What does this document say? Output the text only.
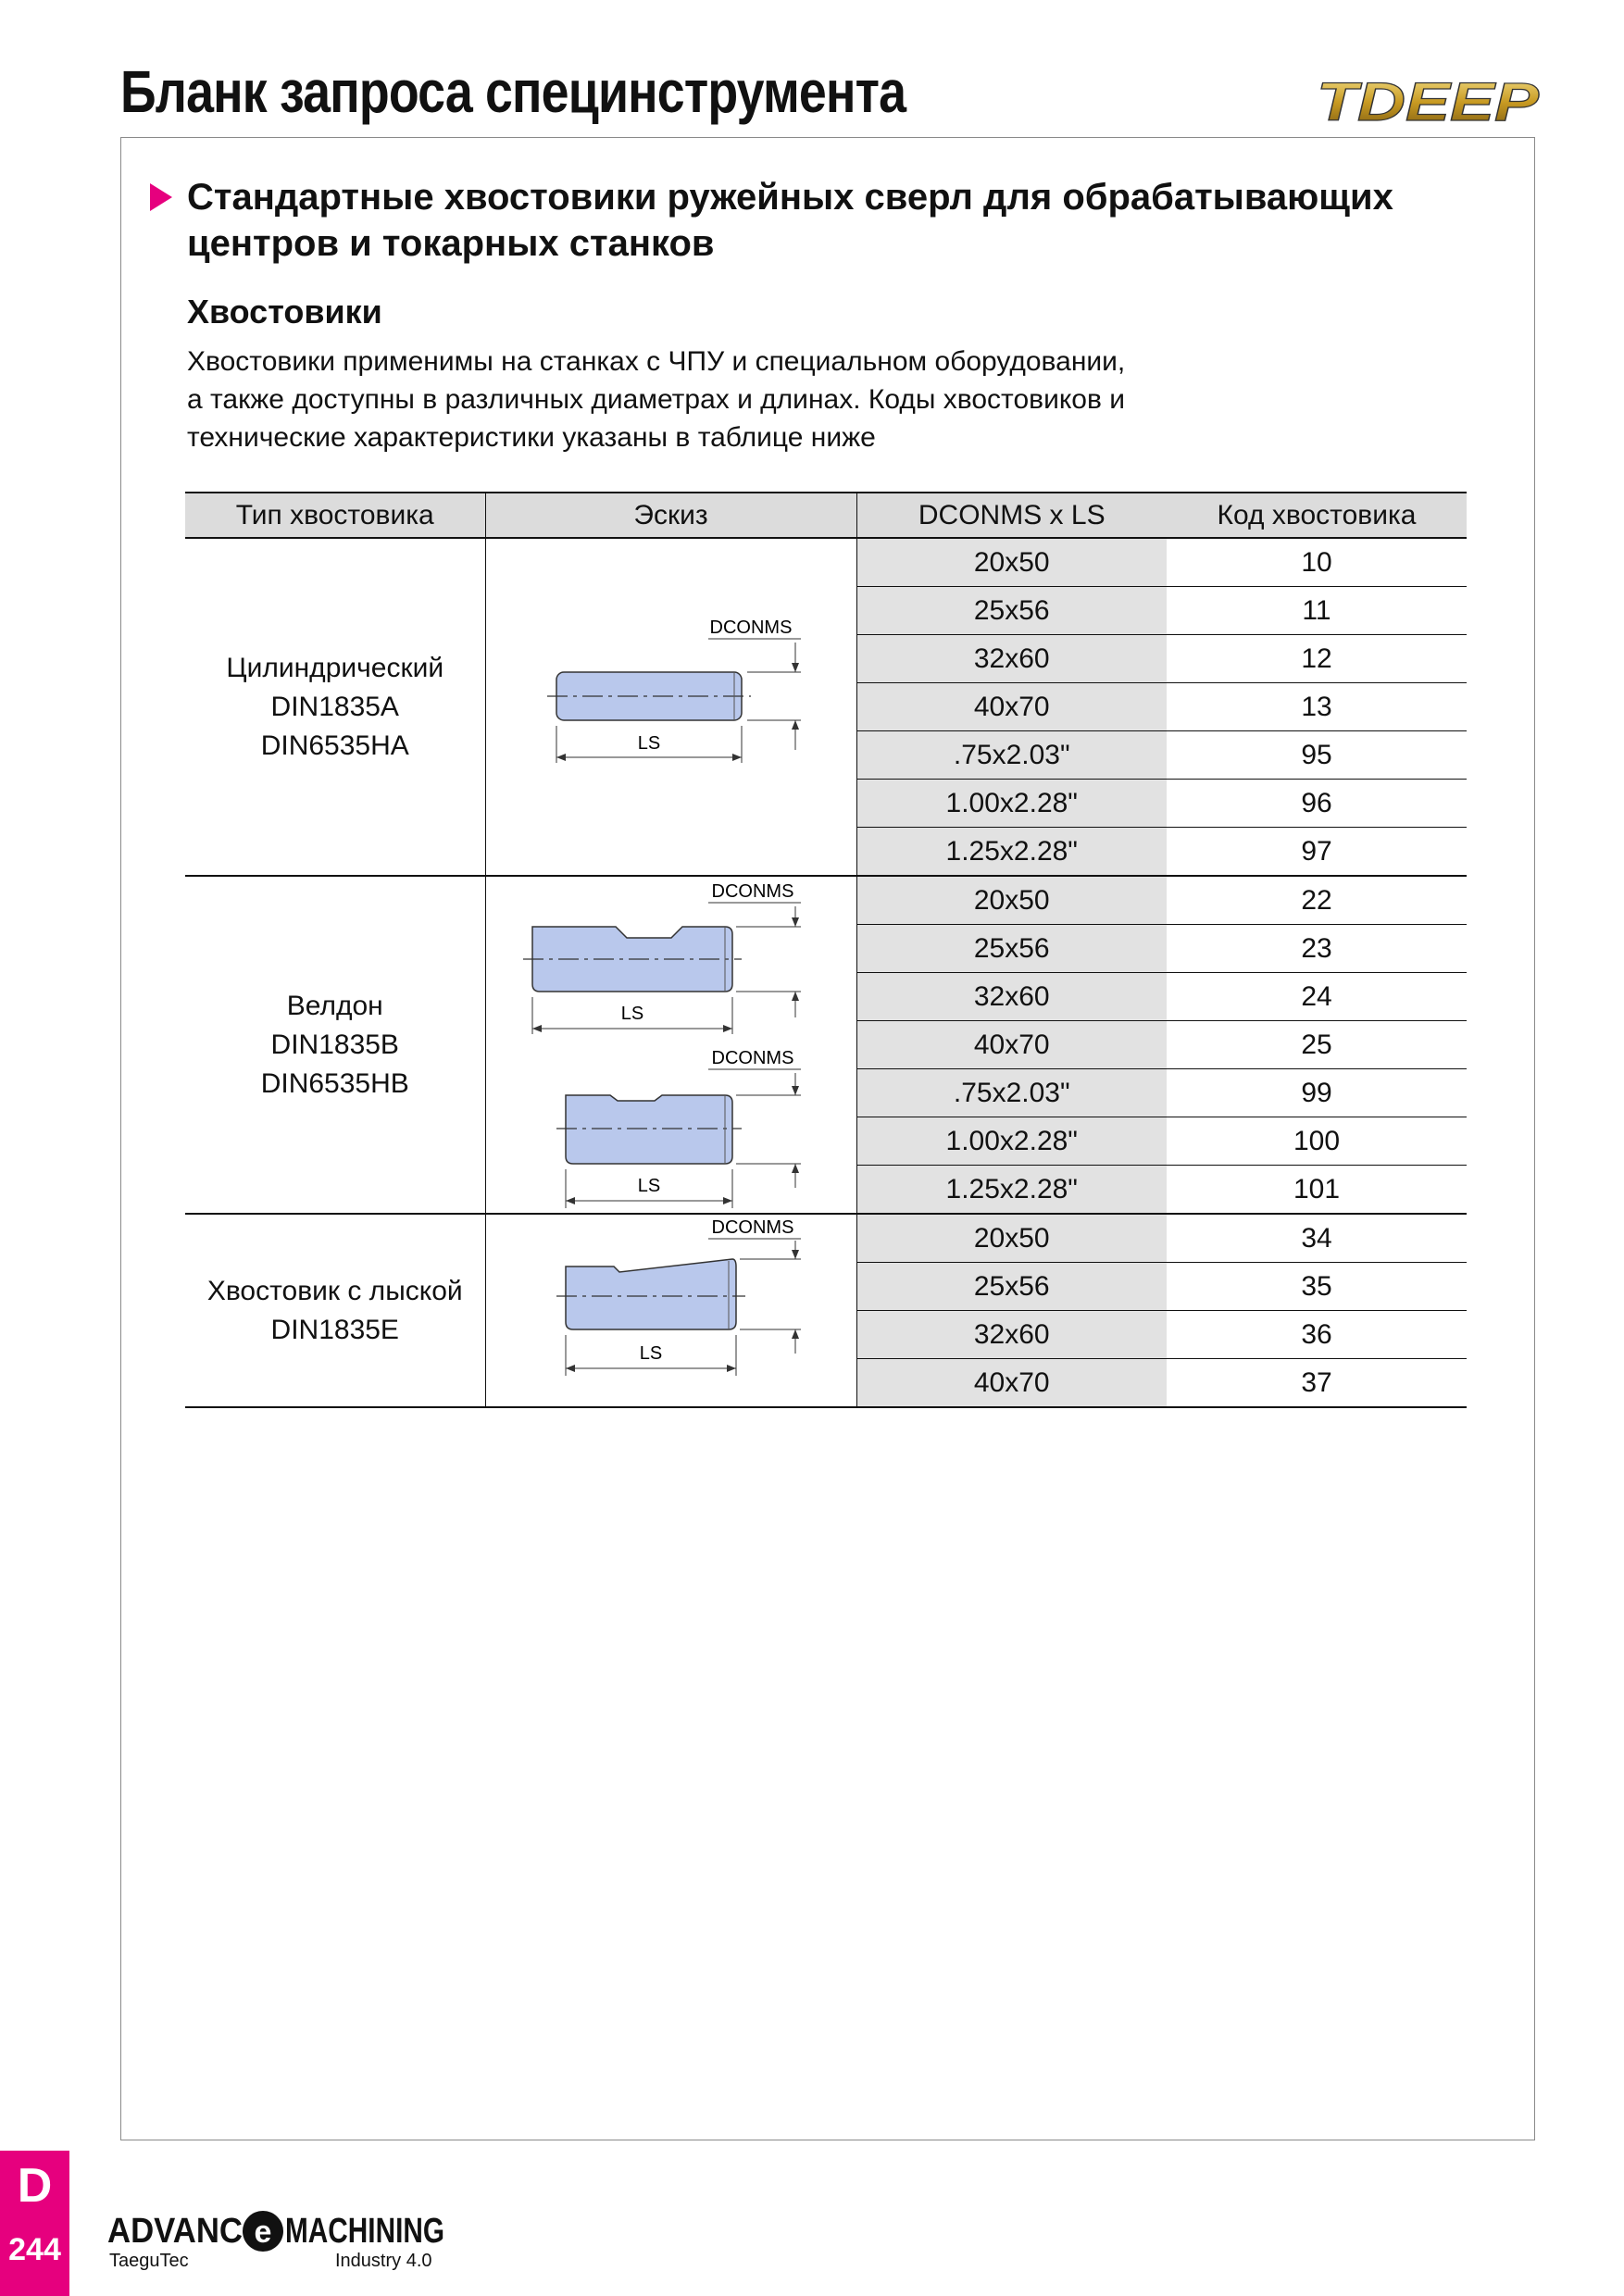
Бланк запроса специнструмента	TDEEP
Стандартные хвостовики ружейных сверл для обрабатывающих центров и токарных станков
Хвостовики

Хвостовики применимы на станках с ЧПУ и специальном оборудовании,
а также доступны в различных диаметрах и длинах. Коды хвостовиков и
технические характеристики указаны в таблице ниже

Тип хвостовика	Эскиз	DCONMS x LS	Код хвостовика

Цилиндрический
DIN1835A
DIN6535HA	DCONMS
LS	20x50	10
		25x56	11
		32x60	12
		40x70	13
		.75x2.03"	95
		1.00x2.28"	96
		1.25x2.28"	97

Велдон
DIN1835B
DIN6535HB	DCONMS
LS
DCONMS
LS	20x50	22
		25x56	23
		32x60	24
		40x70	25
		.75x2.03"	99
		1.00x2.28"	100
		1.25x2.28"	101

Хвостовик с лыской
DIN1835E	DCONMS
LS	20x50	34
		25x56	35
		32x60	36
		40x70	37
D
244 ADVANC e MACHINING
TaeguTec	Industry 4.0
